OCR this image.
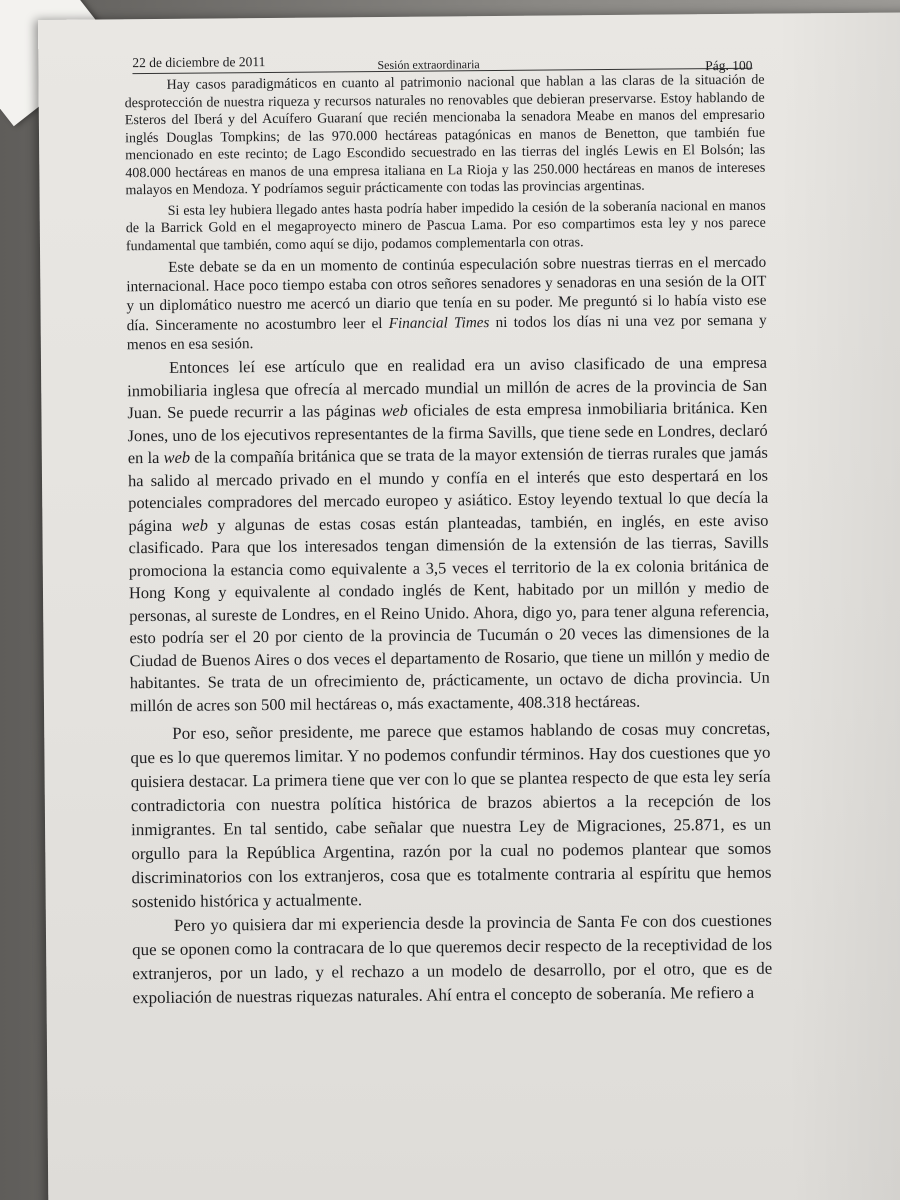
22 de diciembre de 2011	Sesión extraordinaria	Pág. 100

Hay casos paradigmáticos en cuanto al patrimonio nacional que hablan a las claras de la situación de desprotección de nuestra riqueza y recursos naturales no renovables que debieran preservarse. Estoy hablando de Esteros del Iberá y del Acuífero Guaraní que recién mencionaba la senadora Meabe en manos del empresario inglés Douglas Tompkins; de las 970.000 hectáreas patagónicas en manos de Benetton, que también fue mencionado en este recinto; de Lago Escondido secuestrado en las tierras del inglés Lewis en El Bolsón; las 408.000 hectáreas en manos de una empresa italiana en La Rioja y las 250.000 hectáreas en manos de intereses malayos en Mendoza. Y podríamos seguir prácticamente con todas las provincias argentinas.

Si esta ley hubiera llegado antes hasta podría haber impedido la cesión de la soberanía nacional en manos de la Barrick Gold en el megaproyecto minero de Pascua Lama. Por eso compartimos esta ley y nos parece fundamental que también, como aquí se dijo, podamos complementarla con otras.

Este debate se da en un momento de continúa especulación sobre nuestras tierras en el mercado internacional. Hace poco tiempo estaba con otros señores senadores y senadoras en una sesión de la OIT y un diplomático nuestro me acercó un diario que tenía en su poder. Me preguntó si lo había visto ese día. Sinceramente no acostumbro leer el Financial Times ni todos los días ni una vez por semana y menos en esa sesión.

Entonces leí ese artículo que en realidad era un aviso clasificado de una empresa inmobiliaria inglesa que ofrecía al mercado mundial un millón de acres de la provincia de San Juan. Se puede recurrir a las páginas web oficiales de esta empresa inmobiliaria británica. Ken Jones, uno de los ejecutivos representantes de la firma Savills, que tiene sede en Londres, declaró en la web de la compañía británica que se trata de la mayor extensión de tierras rurales que jamás ha salido al mercado privado en el mundo y confía en el interés que esto despertará en los potenciales compradores del mercado europeo y asiático. Estoy leyendo textual lo que decía la página web y algunas de estas cosas están planteadas, también, en inglés, en este aviso clasificado. Para que los interesados tengan dimensión de la extensión de las tierras, Savills promociona la estancia como equivalente a 3,5 veces el territorio de la ex colonia británica de Hong Kong y equivalente al condado inglés de Kent, habitado por un millón y medio de personas, al sureste de Londres, en el Reino Unido. Ahora, digo yo, para tener alguna referencia, esto podría ser el 20 por ciento de la provincia de Tucumán o 20 veces las dimensiones de la Ciudad de Buenos Aires o dos veces el departamento de Rosario, que tiene un millón y medio de habitantes. Se trata de un ofrecimiento de, prácticamente, un octavo de dicha provincia. Un millón de acres son 500 mil hectáreas o, más exactamente, 408.318 hectáreas.

Por eso, señor presidente, me parece que estamos hablando de cosas muy concretas, que es lo que queremos limitar. Y no podemos confundir términos. Hay dos cuestiones que yo quisiera destacar. La primera tiene que ver con lo que se plantea respecto de que esta ley sería contradictoria con nuestra política histórica de brazos abiertos a la recepción de los inmigrantes. En tal sentido, cabe señalar que nuestra Ley de Migraciones, 25.871, es un orgullo para la República Argentina, razón por la cual no podemos plantear que somos discriminatorios con los extranjeros, cosa que es totalmente contraria al espíritu que hemos sostenido histórica y actualmente.

Pero yo quisiera dar mi experiencia desde la provincia de Santa Fe con dos cuestiones que se oponen como la contracara de lo que queremos decir respecto de la receptividad de los extranjeros, por un lado, y el rechazo a un modelo de desarrollo, por el otro, que es de expoliación de nuestras riquezas naturales. Ahí entra el concepto de soberanía. Me refiero a
